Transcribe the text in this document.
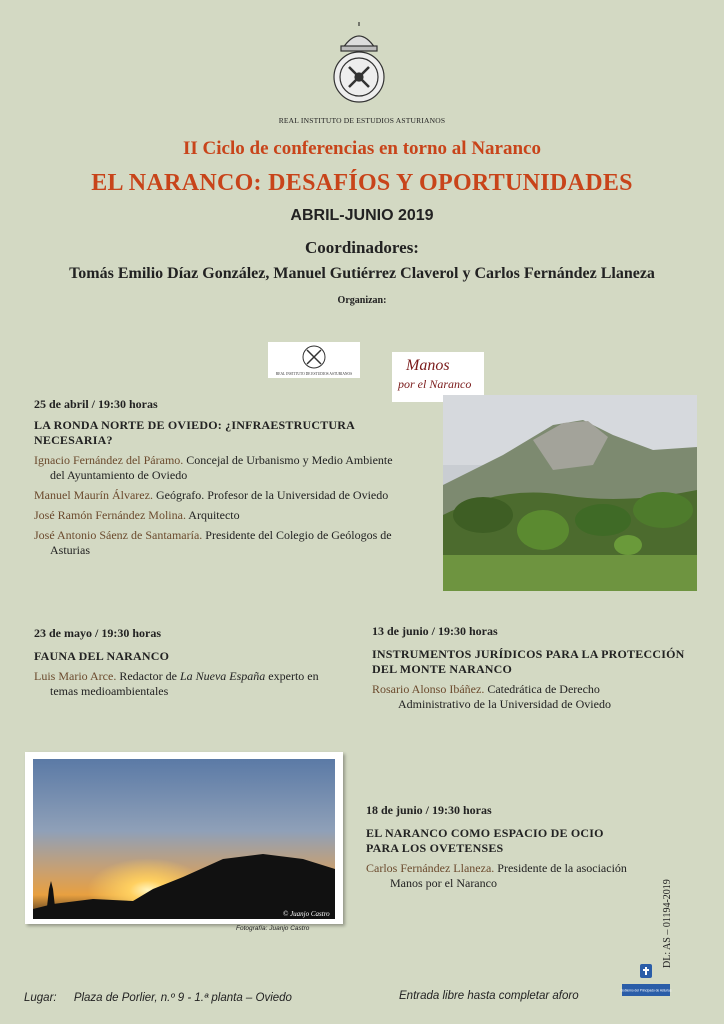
REAL INSTITUTO DE ESTUDIOS ASTURIANOS
II Ciclo de conferencias en torno al Naranco
EL NARANCO: DESAFÍOS Y OPORTUNIDADES
ABRIL-JUNIO 2019
Coordinadores:
Tomás Emilio Díaz González, Manuel Gutiérrez Claverol y Carlos Fernández Llaneza
Organizan:
REAL INSTITUTO DE ESTUDIOS ASTURIANOS	Manos
por el Naranco
25 de abril / 19:30 horas
LA RONDA NORTE DE OVIEDO: ¿INFRAESTRUCTURA NECESARIA?
Ignacio Fernández del Páramo. Concejal de Urbanismo y Medio Ambiente
del Ayuntamiento de Oviedo
Manuel Maurín Álvarez. Geógrafo. Profesor de la Universidad de Oviedo
José Ramón Fernández Molina. Arquitecto
José Antonio Sáenz de Santamaría. Presidente del Colegio de Geólogos de
Asturias
23 de mayo / 19:30 horas
FAUNA DEL NARANCO
Luis Mario Arce. Redactor de La Nueva España experto en
temas medioambientales
13 de junio / 19:30 horas
INSTRUMENTOS JURÍDICOS PARA LA PROTECCIÓN
DEL MONTE NARANCO
Rosario Alonso Ibáñez. Catedrática de Derecho
Administrativo de la Universidad de Oviedo
© Juanjo Castro
Fotografía: Juanjo Castro
18 de junio / 19:30 horas
EL NARANCO COMO ESPACIO DE OCIO
PARA LOS OVETENSES
Carlos Fernández Llaneza. Presidente de la asociación
Manos por el Naranco	DL: AS – 01194-2019
Gobierno del Principado de Asturias
Lugar: Plaza de Porlier, n.º 9 - 1.ª planta – Oviedo	Entrada libre hasta completar aforo
